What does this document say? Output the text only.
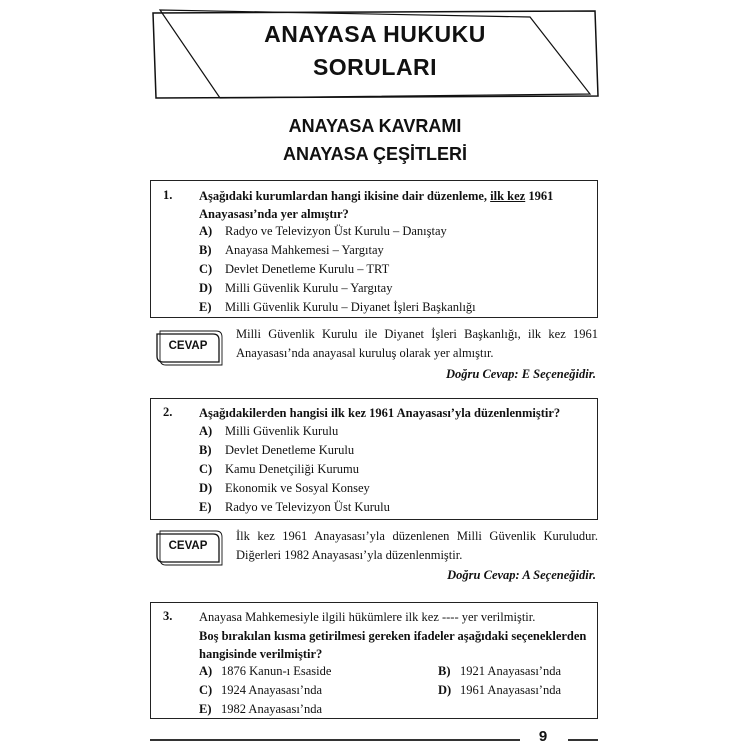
ANAYASA HUKUKU
SORULARI
ANAYASA KAVRAMI
ANAYASA ÇEŞİTLERİ
1. Aşağıdaki kurumlardan hangi ikisine dair düzenleme, ilk kez 1961 Anayasası’nda yer almıştır?
A) Radyo ve Televizyon Üst Kurulu – Danıştay
B) Anayasa Mahkemesi – Yargıtay
C) Devlet Denetleme Kurulu – TRT
D) Milli Güvenlik Kurulu – Yargıtay
E) Milli Güvenlik Kurulu – Diyanet İşleri Başkanlığı
CEVAP
Milli Güvenlik Kurulu ile Diyanet İşleri Başkanlığı, ilk kez 1961 Anayasası’nda anayasal kuruluş olarak yer almıştır.
Doğru Cevap: E Seçeneğidir.
2. Aşağıdakilerden hangisi ilk kez 1961 Anayasası’yla düzenlenmiştir?
A) Milli Güvenlik Kurulu
B) Devlet Denetleme Kurulu
C) Kamu Denetçiliği Kurumu
D) Ekonomik ve Sosyal Konsey
E) Radyo ve Televizyon Üst Kurulu
CEVAP
İlk kez 1961 Anayasası’yla düzenlenen Milli Güvenlik Kuruludur. Diğerleri 1982 Anayasası’yla düzenlenmiştir.
Doğru Cevap: A Seçeneğidir.
3. Anayasa Mahkemesiyle ilgili hükümlere ilk kez ---- yer verilmiştir.
Boş bırakılan kısma getirilmesi gereken ifadeler aşağıdaki seçeneklerden hangisinde verilmiştir?
A) 1876 Kanun-ı Esaside	B) 1921 Anayasası’nda
C) 1924 Anayasası’nda	D) 1961 Anayasası’nda
E) 1982 Anayasası’nda
9
